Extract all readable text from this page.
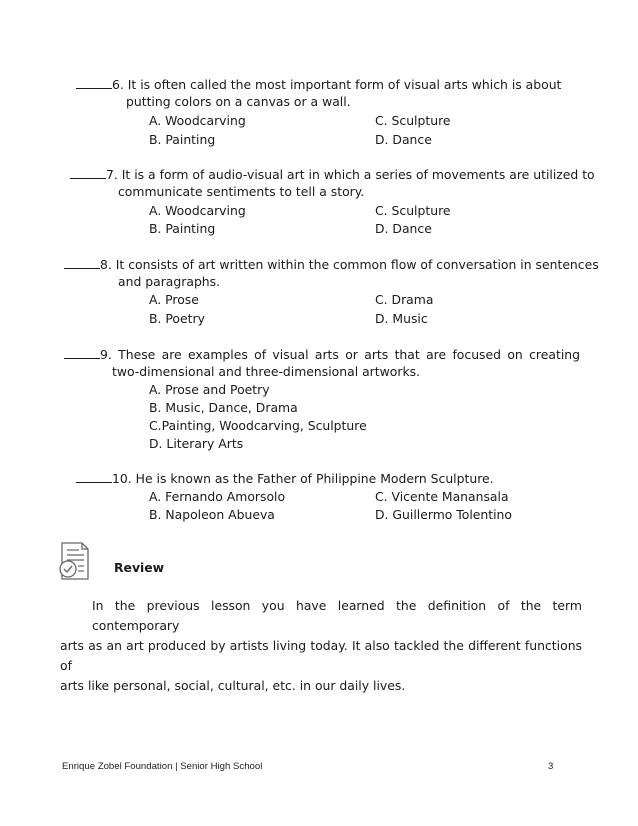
6. It is often called the most important form of visual arts which is about
putting colors on a canvas or a wall.
A. Woodcarving	C. Sculpture
B. Painting	D. Dance
7. It is a form of audio-visual art in which a series of movements are utilized to
communicate sentiments to tell a story.
A. Woodcarving	C. Sculpture
B. Painting	D. Dance
8. It consists of art written within the common flow of conversation in sentences
and paragraphs.
A. Prose	C. Drama
B. Poetry	D. Music
9. These are examples of visual arts or arts that are focused on creating
two-dimensional and three-dimensional artworks.
A. Prose and Poetry
B. Music, Dance, Drama
C.Painting, Woodcarving, Sculpture
D. Literary Arts
10. He is known as the Father of Philippine Modern Sculpture.
A. Fernando Amorsolo	C. Vicente Manansala
B. Napoleon Abueva	D. Guillermo Tolentino
Review
In the previous lesson you have learned the definition of the term contemporary
arts as an art produced by artists living today. It also tackled the different functions of
arts like personal, social, cultural, etc. in our daily lives.
Enrique Zobel Foundation | Senior High School	3
